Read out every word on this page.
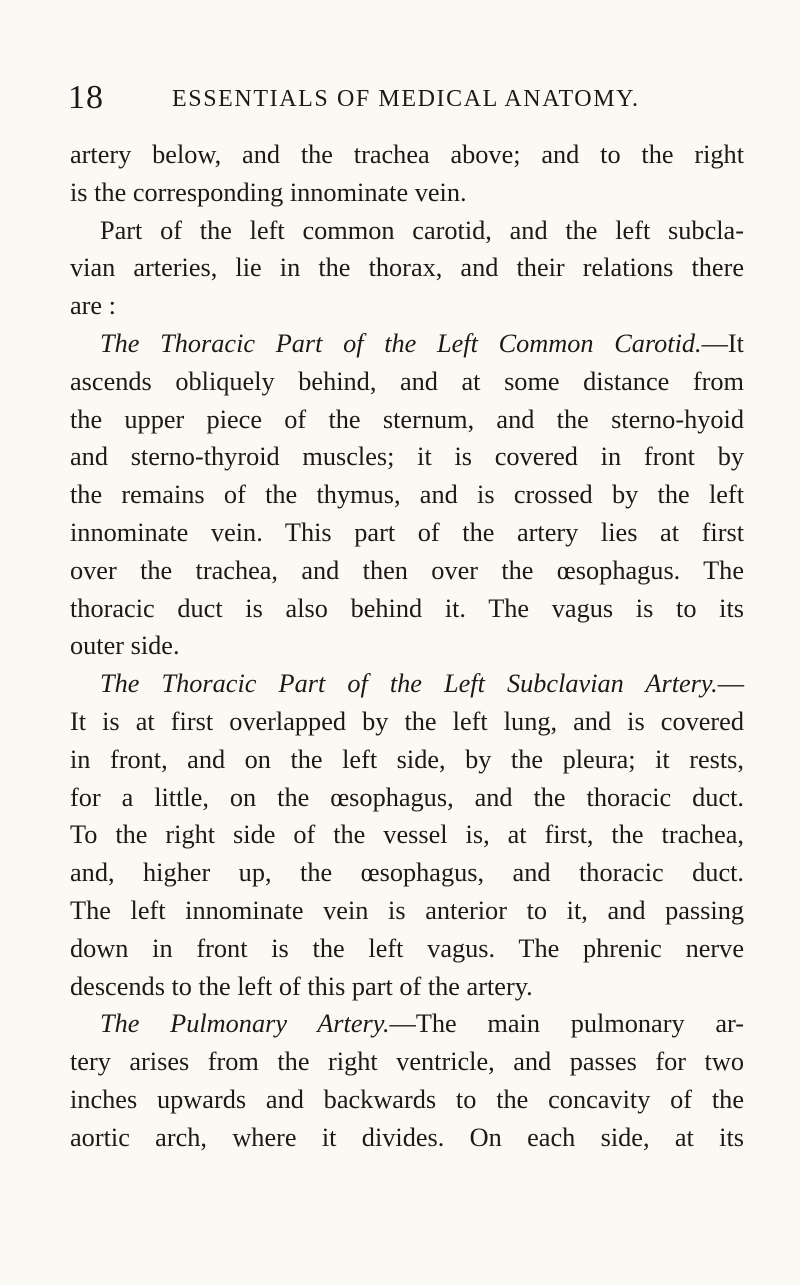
18	ESSENTIALS OF MEDICAL ANATOMY.
artery below, and the trachea above; and to the right
is the corresponding innominate vein.
Part of the left common carotid, and the left subcla-
vian arteries, lie in the thorax, and their relations there
are :
The Thoracic Part of the Left Common Carotid.—It
ascends obliquely behind, and at some distance from
the upper piece of the sternum, and the sterno-hyoid
and sterno-thyroid muscles; it is covered in front by
the remains of the thymus, and is crossed by the left
innominate vein. This part of the artery lies at first
over the trachea, and then over the œsophagus. The
thoracic duct is also behind it. The vagus is to its
outer side.
The Thoracic Part of the Left Subclavian Artery.—
It is at first overlapped by the left lung, and is covered
in front, and on the left side, by the pleura; it rests,
for a little, on the œsophagus, and the thoracic duct.
To the right side of the vessel is, at first, the trachea,
and, higher up, the œsophagus, and thoracic duct.
The left innominate vein is anterior to it, and passing
down in front is the left vagus. The phrenic nerve
descends to the left of this part of the artery.
The Pulmonary Artery.—The main pulmonary ar-
tery arises from the right ventricle, and passes for two
inches upwards and backwards to the concavity of the
aortic arch, where it divides. On each side, at its
